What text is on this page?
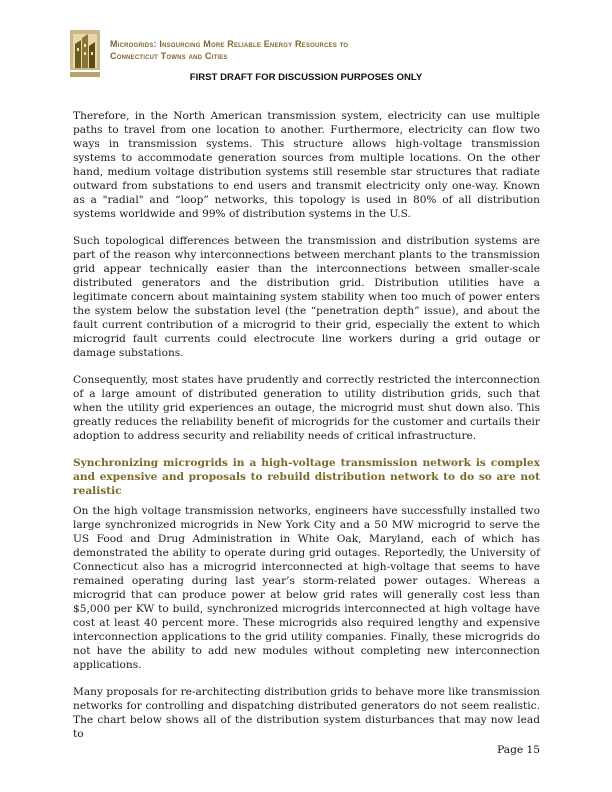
Microgrids: Insourcing More Reliable Energy Resources to
Connecticut Towns and Cities
FIRST DRAFT FOR DISCUSSION PURPOSES ONLY

Therefore, in the North American transmission system, electricity can use multiple paths to travel from one location to another. Furthermore, electricity can flow two ways in transmission systems. This structure allows high-voltage transmission systems to accommodate generation sources from multiple locations. On the other hand, medium voltage distribution systems still resemble star structures that radiate outward from substations to end users and transmit electricity only one-way. Known as a "radial" and “loop” networks, this topology is used in 80% of all distribution systems worldwide and 99% of distribution systems in the U.S.

Such topological differences between the transmission and distribution systems are part of the reason why interconnections between merchant plants to the transmission grid appear technically easier than the interconnections between smaller-scale distributed generators and the distribution grid. Distribution utilities have a legitimate concern about maintaining system stability when too much of power enters the system below the substation level (the “penetration depth” issue), and about the fault current contribution of a microgrid to their grid, especially the extent to which microgrid fault currents could electrocute line workers during a grid outage or damage substations.

Consequently, most states have prudently and correctly restricted the interconnection of a large amount of distributed generation to utility distribution grids, such that when the utility grid experiences an outage, the microgrid must shut down also. This greatly reduces the reliability benefit of microgrids for the customer and curtails their adoption to address security and reliability needs of critical infrastructure.

Synchronizing microgrids in a high-voltage transmission network is complex and expensive and proposals to rebuild distribution network to do so are not realistic

On the high voltage transmission networks, engineers have successfully installed two large synchronized microgrids in New York City and a 50 MW microgrid to serve the US Food and Drug Administration in White Oak, Maryland, each of which has demonstrated the ability to operate during grid outages. Reportedly, the University of Connecticut also has a microgrid interconnected at high-voltage that seems to have remained operating during last year’s storm-related power outages. Whereas a microgrid that can produce power at below grid rates will generally cost less than $5,000 per KW to build, synchronized microgrids interconnected at high voltage have cost at least 40 percent more. These microgrids also required lengthy and expensive interconnection applications to the grid utility companies. Finally, these microgrids do not have the ability to add new modules without completing new interconnection applications.

Many proposals for re-architecting distribution grids to behave more like transmission networks for controlling and dispatching distributed generators do not seem realistic. The chart below shows all of the distribution system disturbances that may now lead to

Page 15
